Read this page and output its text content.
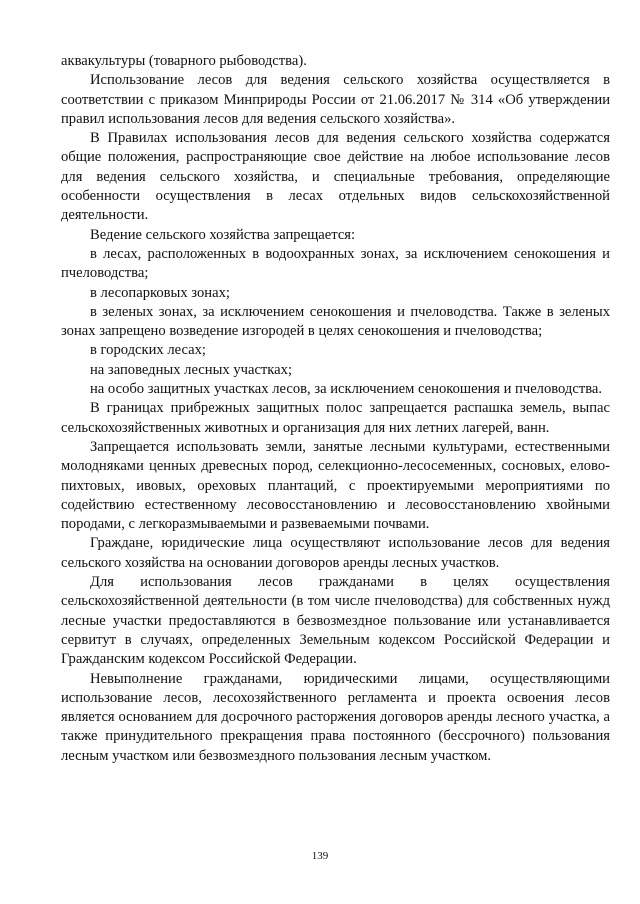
аквакультуры (товарного рыбоводства).

Использование лесов для ведения сельского хозяйства осуществляется в соответствии с приказом Минприроды России от 21.06.2017 № 314 «Об утверждении правил использования лесов для ведения сельского хозяйства».

В Правилах использования лесов для ведения сельского хозяйства содержатся общие положения, распространяющие свое действие на любое использование лесов для ведения сельского хозяйства, и специальные требования, определяющие особенности осуществления в лесах отдельных видов сельскохозяйственной деятельности.

Ведение сельского хозяйства запрещается:

в лесах, расположенных в водоохранных зонах, за исключением сенокошения и пчеловодства;

в лесопарковых зонах;

в зеленых зонах, за исключением сенокошения и пчеловодства. Также в зеленых зонах запрещено возведение изгородей в целях сенокошения и пчеловодства;

в городских лесах;

на заповедных лесных участках;

на особо защитных участках лесов, за исключением сенокошения и пчеловодства.

В границах прибрежных защитных полос запрещается распашка земель, выпас сельскохозяйственных животных и организация для них летних лагерей, ванн.

Запрещается использовать земли, занятые лесными культурами, естественными молодняками ценных древесных пород, селекционно-лесосеменных, сосновых, елово-пихтовых, ивовых, ореховых плантаций, с проектируемыми мероприятиями по содействию естественному лесовосстановлению и лесовосстановлению хвойными породами, с легкоразмываемыми и развеваемыми почвами.

Граждане, юридические лица осуществляют использование лесов для ведения сельского хозяйства на основании договоров аренды лесных участков.

Для использования лесов гражданами в целях осуществления сельскохозяйственной деятельности (в том числе пчеловодства) для собственных нужд лесные участки предоставляются в безвозмездное пользование или устанавливается сервитут в случаях, определенных Земельным кодексом Российской Федерации и Гражданским кодексом Российской Федерации.

Невыполнение гражданами, юридическими лицами, осуществляющими использование лесов, лесохозяйственного регламента и проекта освоения лесов является основанием для досрочного расторжения договоров аренды лесного участка, а также принудительного прекращения права постоянного (бессрочного) пользования лесным участком или безвозмездного пользования лесным участком.

139
